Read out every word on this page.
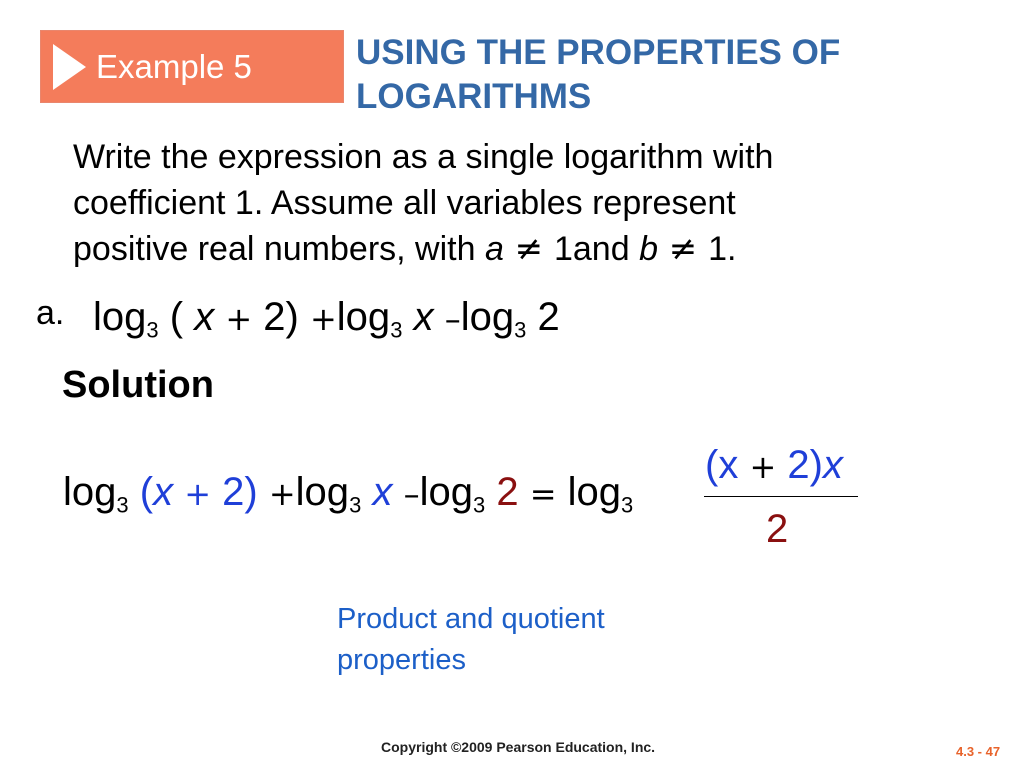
Example 5	USING THE PROPERTIES OF
LOGARITHMS
Write the expression as a single logarithm with
coefficient 1. Assume all variables represent
positive real numbers, with a ≠ 1and b ≠ 1.
a. $\log_3$ ( $x + 2) +\log_3$ x $-\log_3$ 2
Solution
$\log_3 (x + 2) +\log_3$ x $-\log_3$ $2 = \log_3$
(x + 2)x
2
Product and quotient
properties
Copyright ©2009 Pearson Education, Inc.	4.3 - 47
